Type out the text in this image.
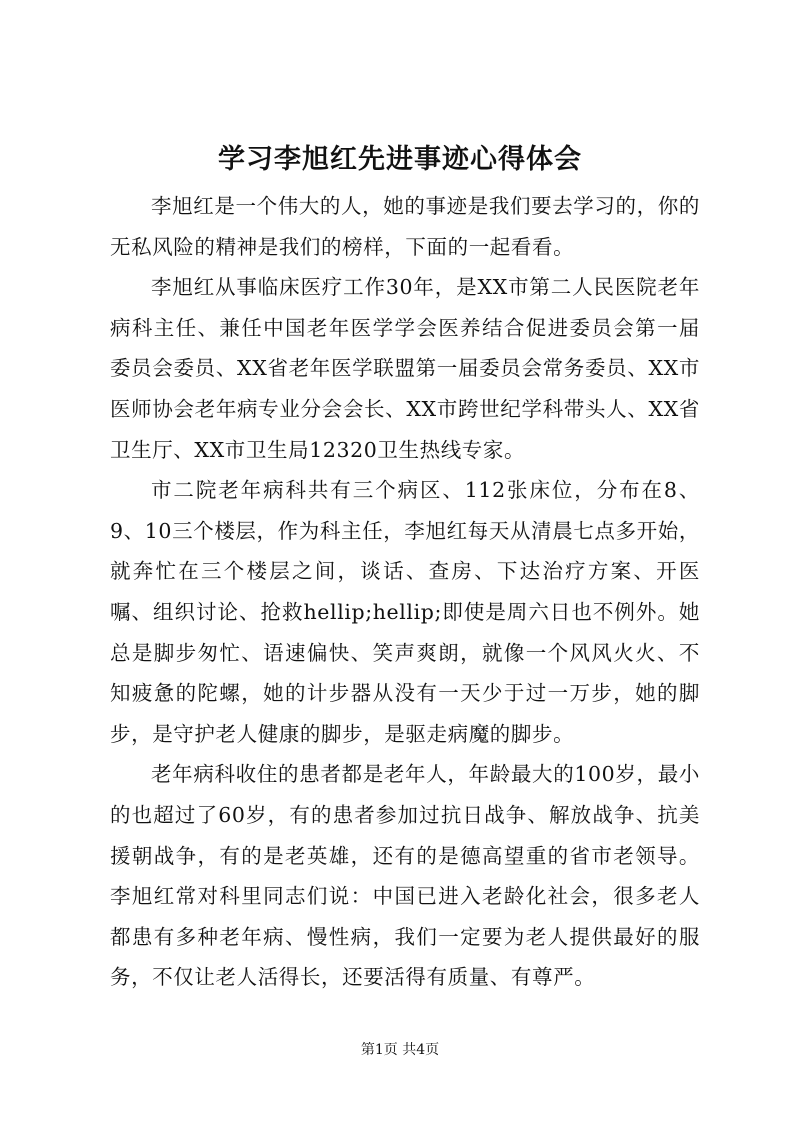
学习李旭红先进事迹心得体会

李旭红是一个伟大的人，她的事迹是我们要去学习的，你的无私风险的精神是我们的榜样，下面的一起看看。

李旭红从事临床医疗工作30年，是XX市第二人民医院老年病科主任、兼任中国老年医学学会医养结合促进委员会第一届委员会委员、XX省老年医学联盟第一届委员会常务委员、XX市医师协会老年病专业分会会长、XX市跨世纪学科带头人、XX省卫生厅、XX市卫生局12320卫生热线专家。

市二院老年病科共有三个病区、112张床位，分布在8、9、10三个楼层，作为科主任，李旭红每天从清晨七点多开始，就奔忙在三个楼层之间，谈话、查房、下达治疗方案、开医嘱、组织讨论、抢救hellip;hellip;即使是周六日也不例外。她总是脚步匆忙、语速偏快、笑声爽朗，就像一个风风火火、不知疲惫的陀螺，她的计步器从没有一天少于过一万步，她的脚步，是守护老人健康的脚步，是驱走病魔的脚步。

老年病科收住的患者都是老年人，年龄最大的100岁，最小的也超过了60岁，有的患者参加过抗日战争、解放战争、抗美援朝战争，有的是老英雄，还有的是德高望重的省市老领导。李旭红常对科里同志们说：中国已进入老龄化社会，很多老人都患有多种老年病、慢性病，我们一定要为老人提供最好的服务，不仅让老人活得长，还要活得有质量、有尊严。

第1页 共4页
